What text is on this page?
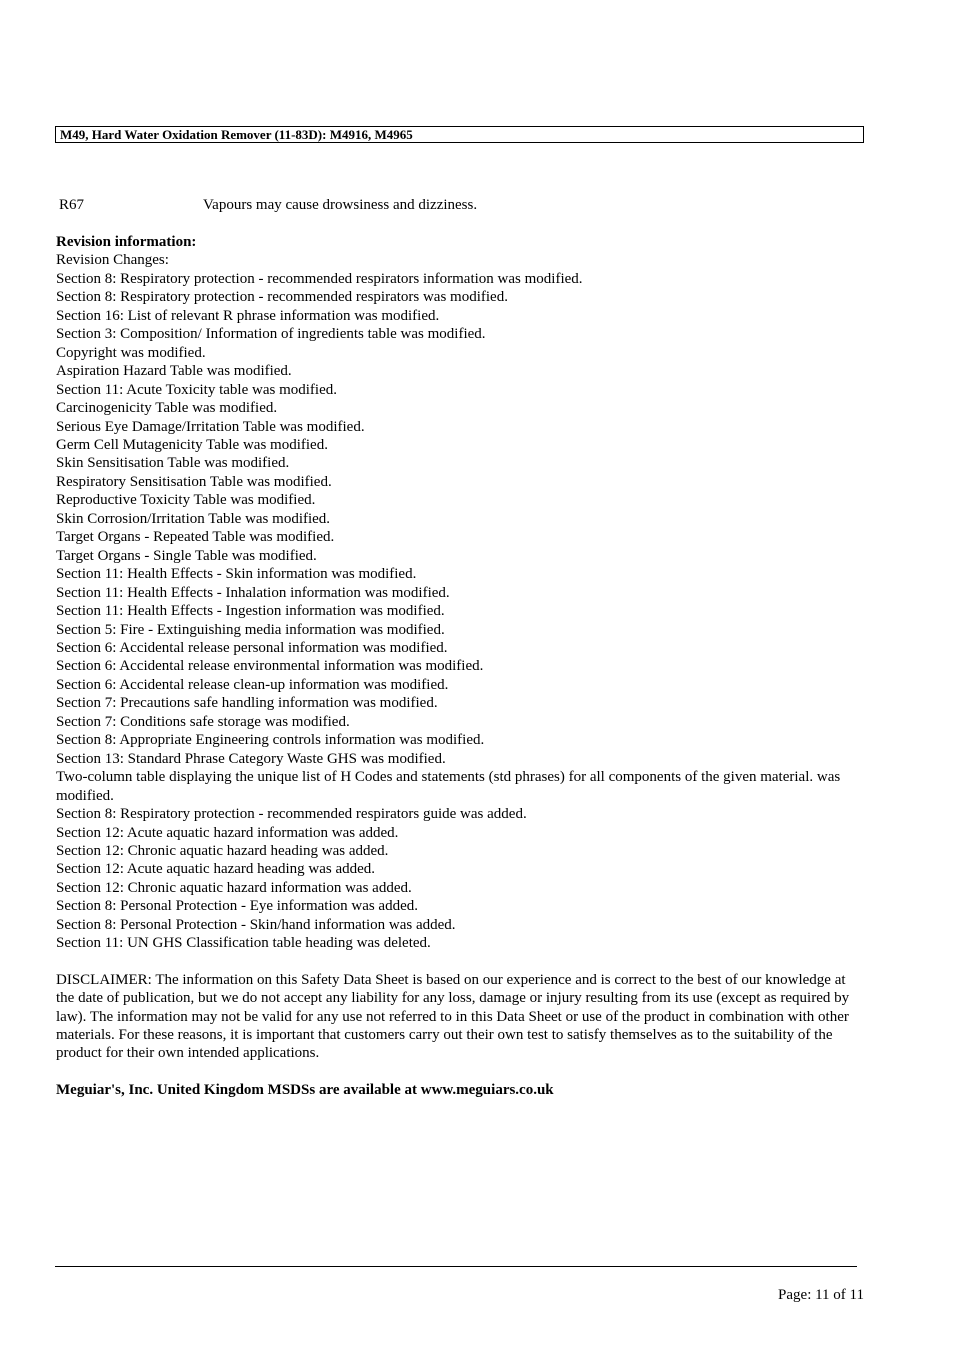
M49, Hard Water Oxidation Remover (11-83D): M4916, M4965
R67	Vapours may cause drowsiness and dizziness.
Revision information:
Revision Changes:
Section 8: Respiratory protection - recommended respirators information was modified.
Section 8: Respiratory protection - recommended respirators was modified.
Section 16: List of relevant R phrase information was modified.
Section 3: Composition/ Information of ingredients table was modified.
Copyright was modified.
Aspiration Hazard Table was modified.
Section 11: Acute Toxicity table was modified.
Carcinogenicity Table was modified.
Serious Eye Damage/Irritation Table was modified.
Germ Cell Mutagenicity Table was modified.
Skin Sensitisation Table was modified.
Respiratory Sensitisation Table was modified.
Reproductive Toxicity Table was modified.
Skin Corrosion/Irritation Table was modified.
Target Organs - Repeated Table was modified.
Target Organs - Single Table was modified.
Section 11: Health Effects - Skin information was modified.
Section 11: Health Effects - Inhalation information was modified.
Section 11: Health Effects - Ingestion information was modified.
Section 5: Fire - Extinguishing media information was modified.
Section 6: Accidental release personal information was modified.
Section 6: Accidental release environmental information was modified.
Section 6: Accidental release clean-up information was modified.
Section 7: Precautions safe handling information was modified.
Section 7: Conditions safe storage was modified.
Section 8: Appropriate Engineering controls information was modified.
Section 13: Standard Phrase Category Waste GHS was modified.
Two-column table displaying the unique list of H Codes and statements (std phrases) for all components of the given material. was modified.
Section 8: Respiratory protection - recommended respirators guide was added.
Section 12: Acute aquatic hazard information was added.
Section 12: Chronic aquatic hazard heading was added.
Section 12: Acute aquatic hazard heading was added.
Section 12: Chronic aquatic hazard information was added.
Section 8: Personal Protection - Eye information was added.
Section 8: Personal Protection - Skin/hand information was added.
Section 11: UN GHS Classification table heading was deleted.
DISCLAIMER: The information on this Safety Data Sheet is based on our experience and is correct to the best of our knowledge at the date of publication, but we do not accept any liability for any loss, damage or injury resulting from its use (except as required by law). The information may not be valid for any use not referred to in this Data Sheet or use of the product in combination with other materials. For these reasons, it is important that customers carry out their own test to satisfy themselves as to the suitability of the product for their own intended applications.
Meguiar's, Inc. United Kingdom MSDSs are available at www.meguiars.co.uk
Page: 11 of 11
